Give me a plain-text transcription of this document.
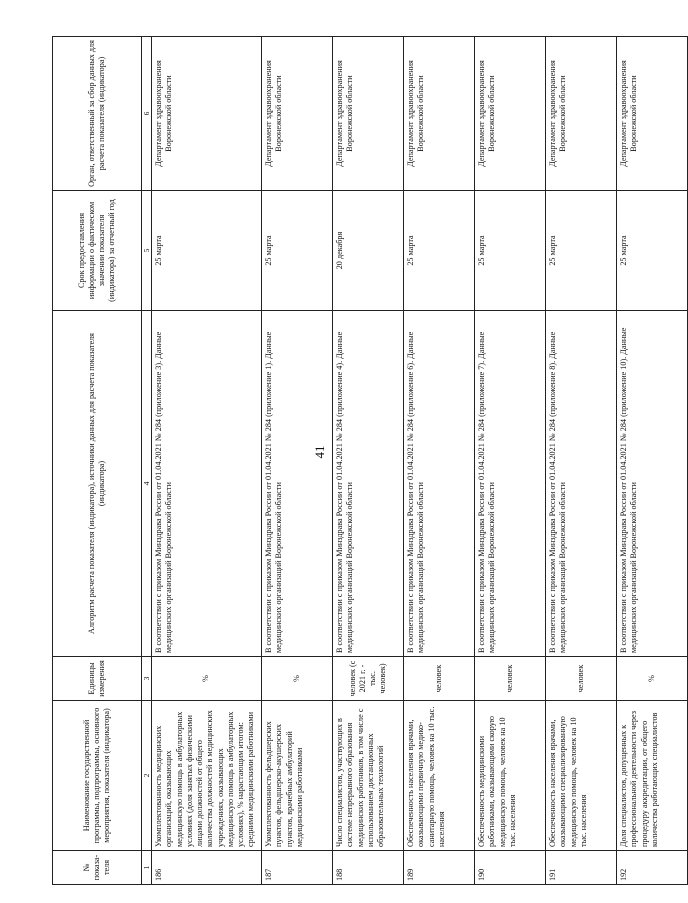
41
№ показа-теля	Наименование государственной программы, подпрограммы, основного мероприятия, показателя (индикатора)	Единицы измерения	Алгоритм расчета показателя (индикатора), источники данных для расчета показателя (индикатора)	Срок предоставления информации о фактическом значении показателя (индикатора) за отчетный год	Орган, ответственный за сбор данных для расчета показателя (индикатора)
1	2	3	4	5	6
186	Укомплектованность медицинских организаций, оказывающих медицинскую помощь в амбулаторных условиях (доля занятых физическими лицами должностей от общего количества должностей в медицинских учреждениях, оказывающих медицинскую помощь в амбулаторных условиях), % нарастающим итогом: средними медицинскими работниками	%	В соответствии с приказом Минздрава России от 01.04.2021 № 284 (приложение 3). Данные медицинских организаций Воронежской области	25 марта	Департамент здравоохранения Воронежской области
187	Укомплектованность фельдшерских пунктов, фельдшерско-акушерских пунктов, врачебных амбулаторий медицинскими работниками	%	В соответствии с приказом Минздрава России от 01.04.2021 № 284 (приложение 1). Данные медицинских организаций Воронежской области	25 марта	Департамент здравоохранения Воронежской области
188	Число специалистов, участвующих в системе непрерывного образования медицинских работников, в том числе с использованием дистанционных образовательных технологий	человек (с 2021 г. - тыс. человек)	В соответствии с приказом Минздрава России от 01.04.2021 № 284 (приложение 4). Данные медицинских организаций Воронежской области	20 декабря	Департамент здравоохранения Воронежской области
189	Обеспеченность населения врачами, оказывающими первичную медико-санитарную помощь, человек на 10 тыс. населения	человек	В соответствии с приказом Минздрава России от 01.04.2021 № 284 (приложение 6). Данные медицинских организаций Воронежской области	25 марта	Департамент здравоохранения Воронежской области
190	Обеспеченность медицинскими работниками, оказывающими скорую медицинскую помощь, человек на 10 тыс. населения	человек	В соответствии с приказом Минздрава России от 01.04.2021 № 284 (приложение 7). Данные медицинских организаций Воронежской области	25 марта	Департамент здравоохранения Воронежской области
191	Обеспеченность населения врачами, оказывающими специализированную медицинскую помощь, человек на 10 тыс. населения	человек	В соответствии с приказом Минздрава России от 01.04.2021 № 284 (приложение 8). Данные медицинских организаций Воронежской области	25 марта	Департамент здравоохранения Воронежской области
192	Доля специалистов, допущенных к профессиональной деятельности через процедуру аккредитации, от общего количества работающих специалистов	%	В соответствии с приказом Минздрава России от 01.04.2021 № 284 (приложение 10). Данные медицинских организаций Воронежской области	25 марта	Департамент здравоохранения Воронежской области
